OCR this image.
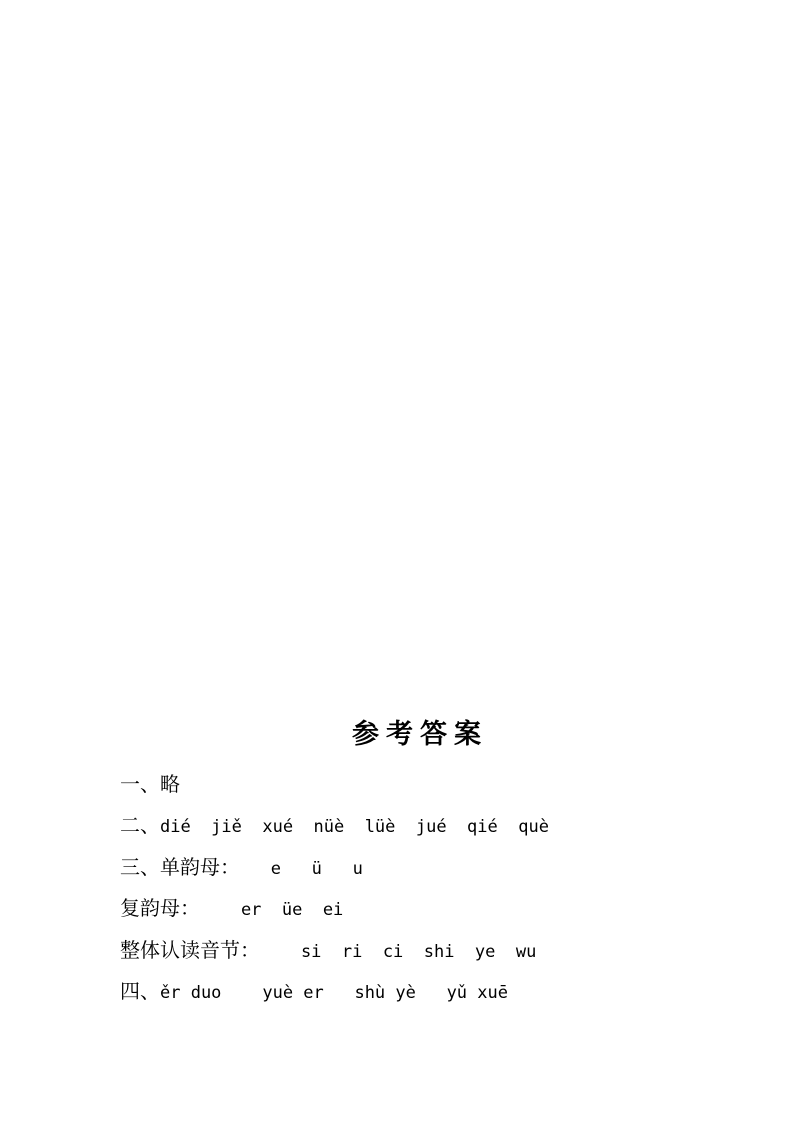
参考答案
一、略
二、dié  jiě  xué  nüè  lüè  jué  qié  què
三、单韵母：   e   ü   u
复韵母：    er  üe  ei
整体认读音节：    si  ri  ci  shi  ye  wu
四、ěr duo    yuè er   shù yè   yǔ xuē
